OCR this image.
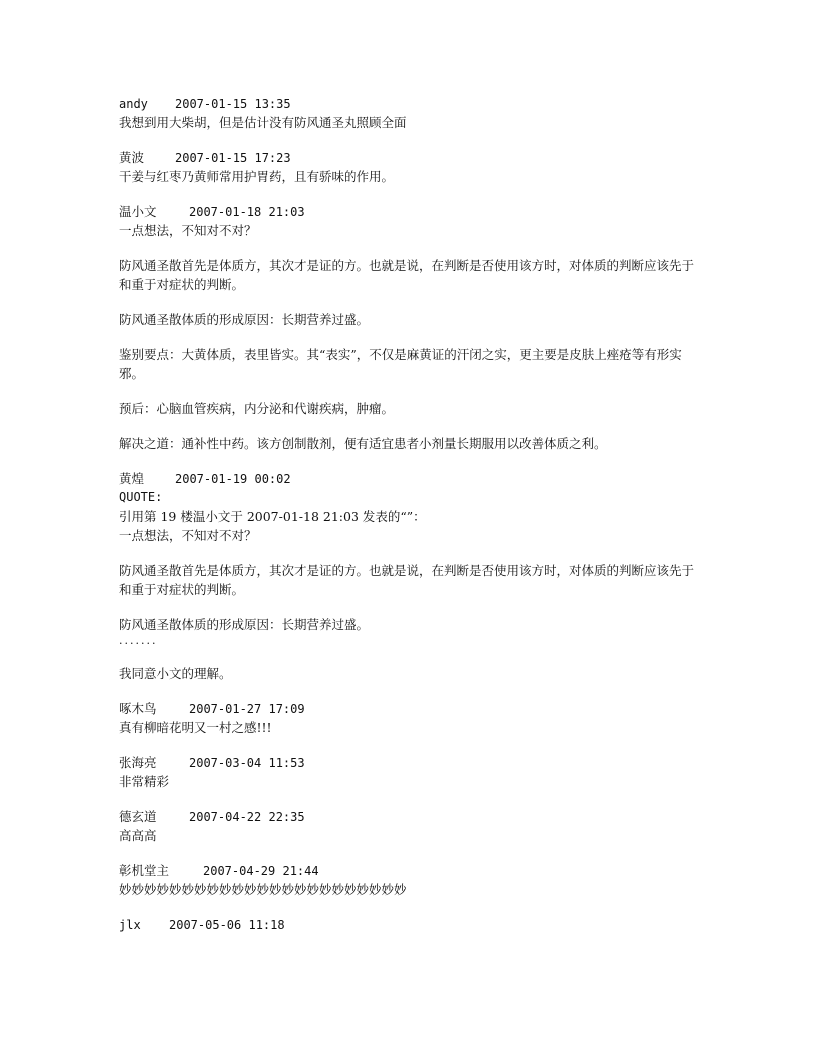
andy 2007-01-15 13:35
我想到用大柴胡，但是估计没有防风通圣丸照顾全面
黄波	2007-01-15 17:23
干姜与红枣乃黄师常用护胃药，且有骄味的作用。
温小文	2007-01-18 21:03
一点想法，不知对不对？
防风通圣散首先是体质方，其次才是证的方。也就是说，在判断是否使用该方时，对体质的判断应该先于和重于对症状的判断。
防风通圣散体质的形成原因：长期营养过盛。
鉴别要点：大黄体质，表里皆实。其“表实”，不仅是麻黄证的汗闭之实，更主要是皮肤上痤疮等有形实邪。
预后：心脑血管疾病，内分泌和代谢疾病，肿瘤。
解决之道：通补性中药。该方创制散剂，便有适宜患者小剂量长期服用以改善体质之利。
黄煌	2007-01-19 00:02
QUOTE:
引用第 19 楼温小文于 2007-01-18 21:03 发表的“”：
一点想法，不知对不对？
防风通圣散首先是体质方，其次才是证的方。也就是说，在判断是否使用该方时，对体质的判断应该先于和重于对症状的判断。
防风通圣散体质的形成原因：长期营养过盛。
.......
我同意小文的理解。
啄木鸟	2007-01-27 17:09
真有柳暗花明又一村之感!!!
张海亮	2007-03-04 11:53
非常精彩
德玄道	2007-04-22 22:35
高高高
彰机堂主	2007-04-29 21:44
妙妙妙妙妙妙妙妙妙妙妙妙妙妙妙妙妙妙妙妙妙妙妙
jlx 2007-05-06 11:18
